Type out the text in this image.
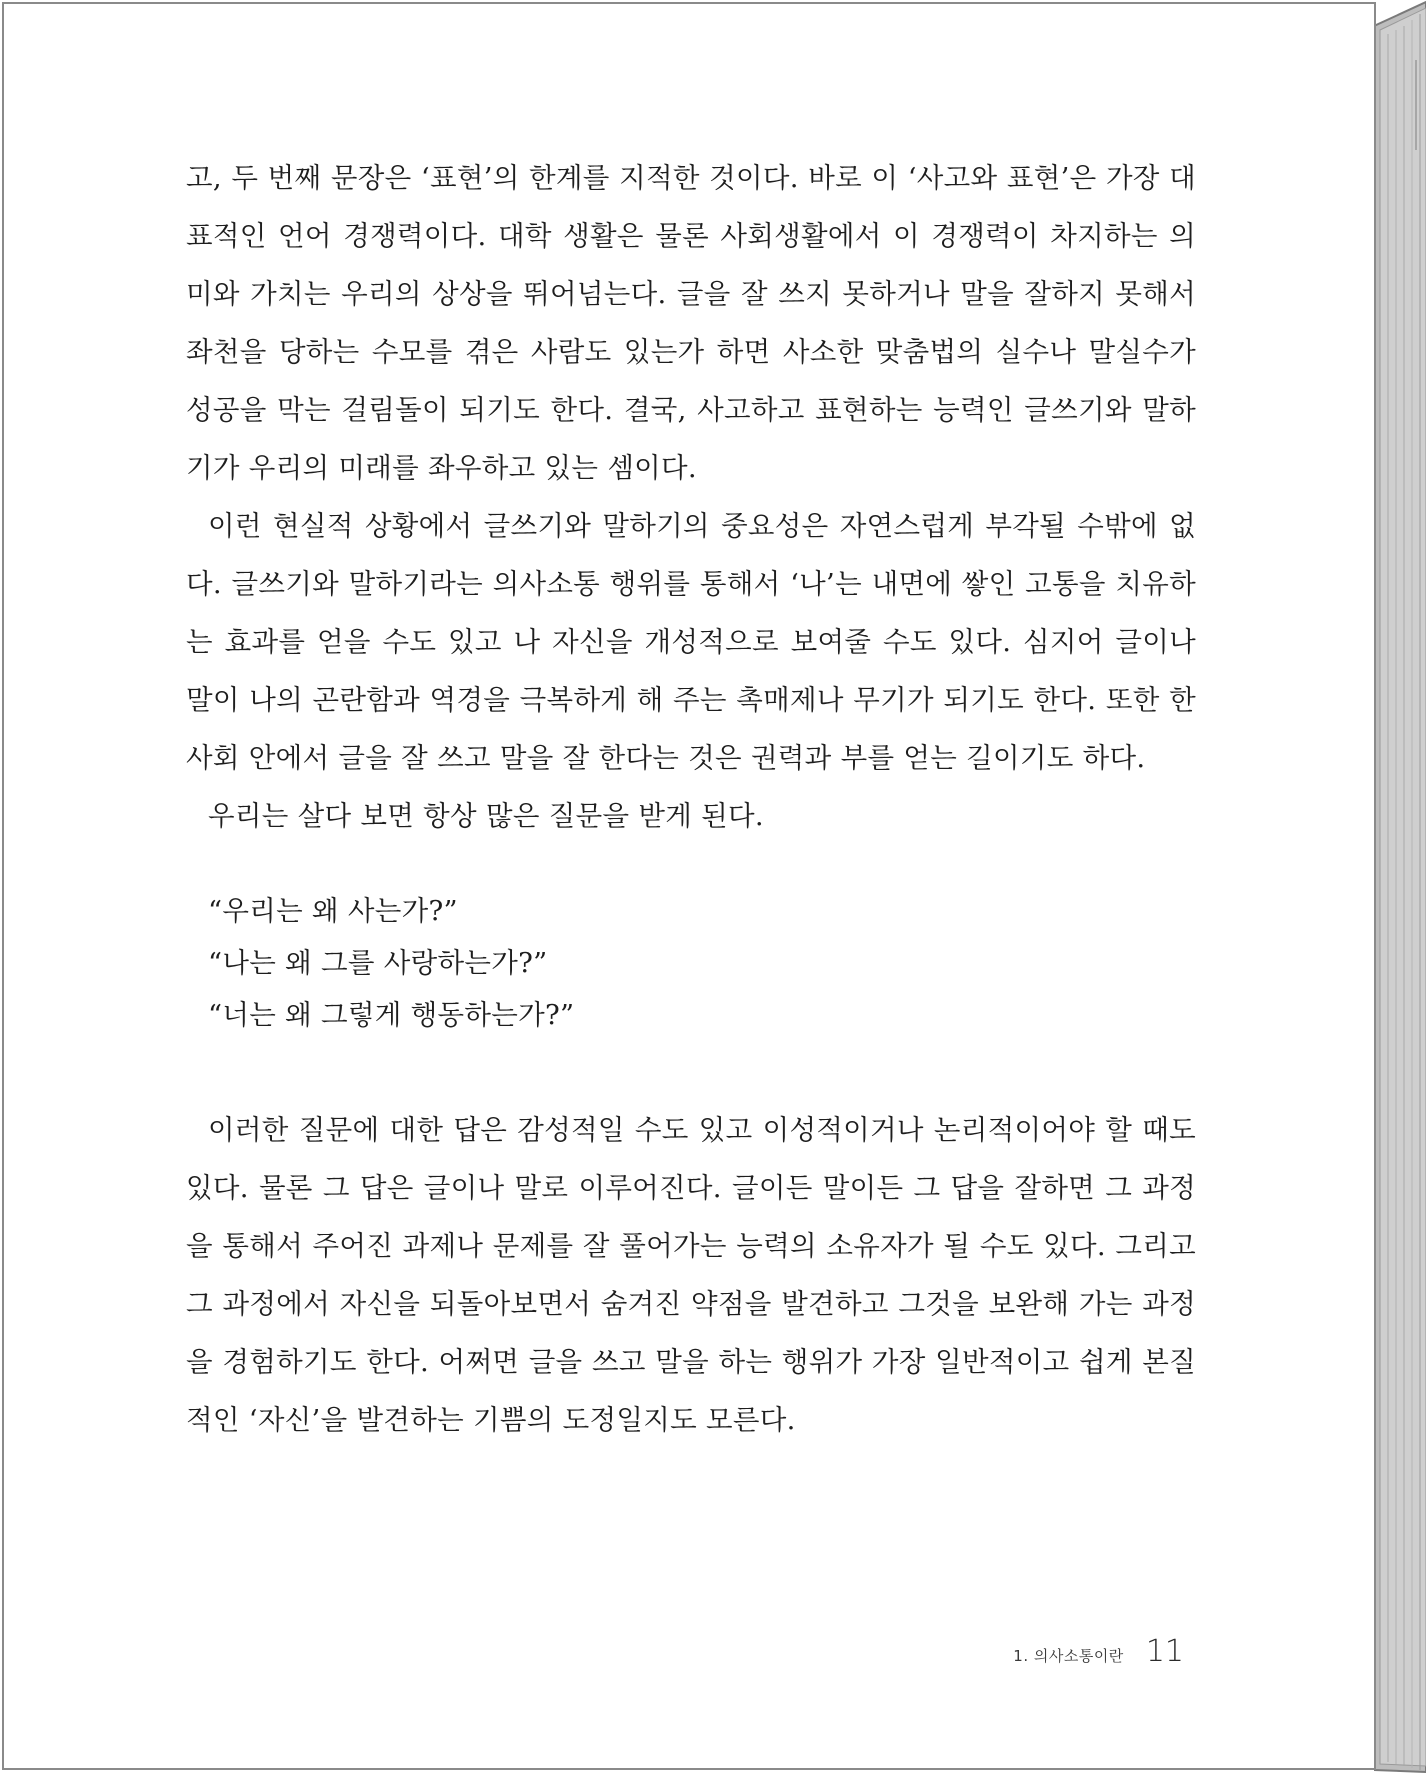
고, 두 번째 문장은 ‘표현’의 한계를 지적한 것이다. 바로 이 ‘사고와 표현’은 가장 대표적인 언어 경쟁력이다. 대학 생활은 물론 사회생활에서 이 경쟁력이 차지하는 의미와 가치는 우리의 상상을 뛰어넘는다. 글을 잘 쓰지 못하거나 말을 잘하지 못해서 좌천을 당하는 수모를 겪은 사람도 있는가 하면 사소한 맞춤법의 실수나 말실수가 성공을 막는 걸림돌이 되기도 한다. 결국, 사고하고 표현하는 능력인 글쓰기와 말하기가 우리의 미래를 좌우하고 있는 셈이다.

이런 현실적 상황에서 글쓰기와 말하기의 중요성은 자연스럽게 부각될 수밖에 없다. 글쓰기와 말하기라는 의사소통 행위를 통해서 ‘나’는 내면에 쌓인 고통을 치유하는 효과를 얻을 수도 있고 나 자신을 개성적으로 보여줄 수도 있다. 심지어 글이나 말이 나의 곤란함과 역경을 극복하게 해 주는 촉매제나 무기가 되기도 한다. 또한 한 사회 안에서 글을 잘 쓰고 말을 잘 한다는 것은 권력과 부를 얻는 길이기도 하다.

우리는 살다 보면 항상 많은 질문을 받게 된다.

“우리는 왜 사는가?”

“나는 왜 그를 사랑하는가?”

“너는 왜 그렇게 행동하는가?”

이러한 질문에 대한 답은 감성적일 수도 있고 이성적이거나 논리적이어야 할 때도 있다. 물론 그 답은 글이나 말로 이루어진다. 글이든 말이든 그 답을 잘하면 그 과정을 통해서 주어진 과제나 문제를 잘 풀어가는 능력의 소유자가 될 수도 있다. 그리고 그 과정에서 자신을 되돌아보면서 숨겨진 약점을 발견하고 그것을 보완해 가는 과정을 경험하기도 한다. 어쩌면 글을 쓰고 말을 하는 행위가 가장 일반적이고 쉽게 본질적인 ‘자신’을 발견하는 기쁨의 도정일지도 모른다.

1. 의사소통이란 11
